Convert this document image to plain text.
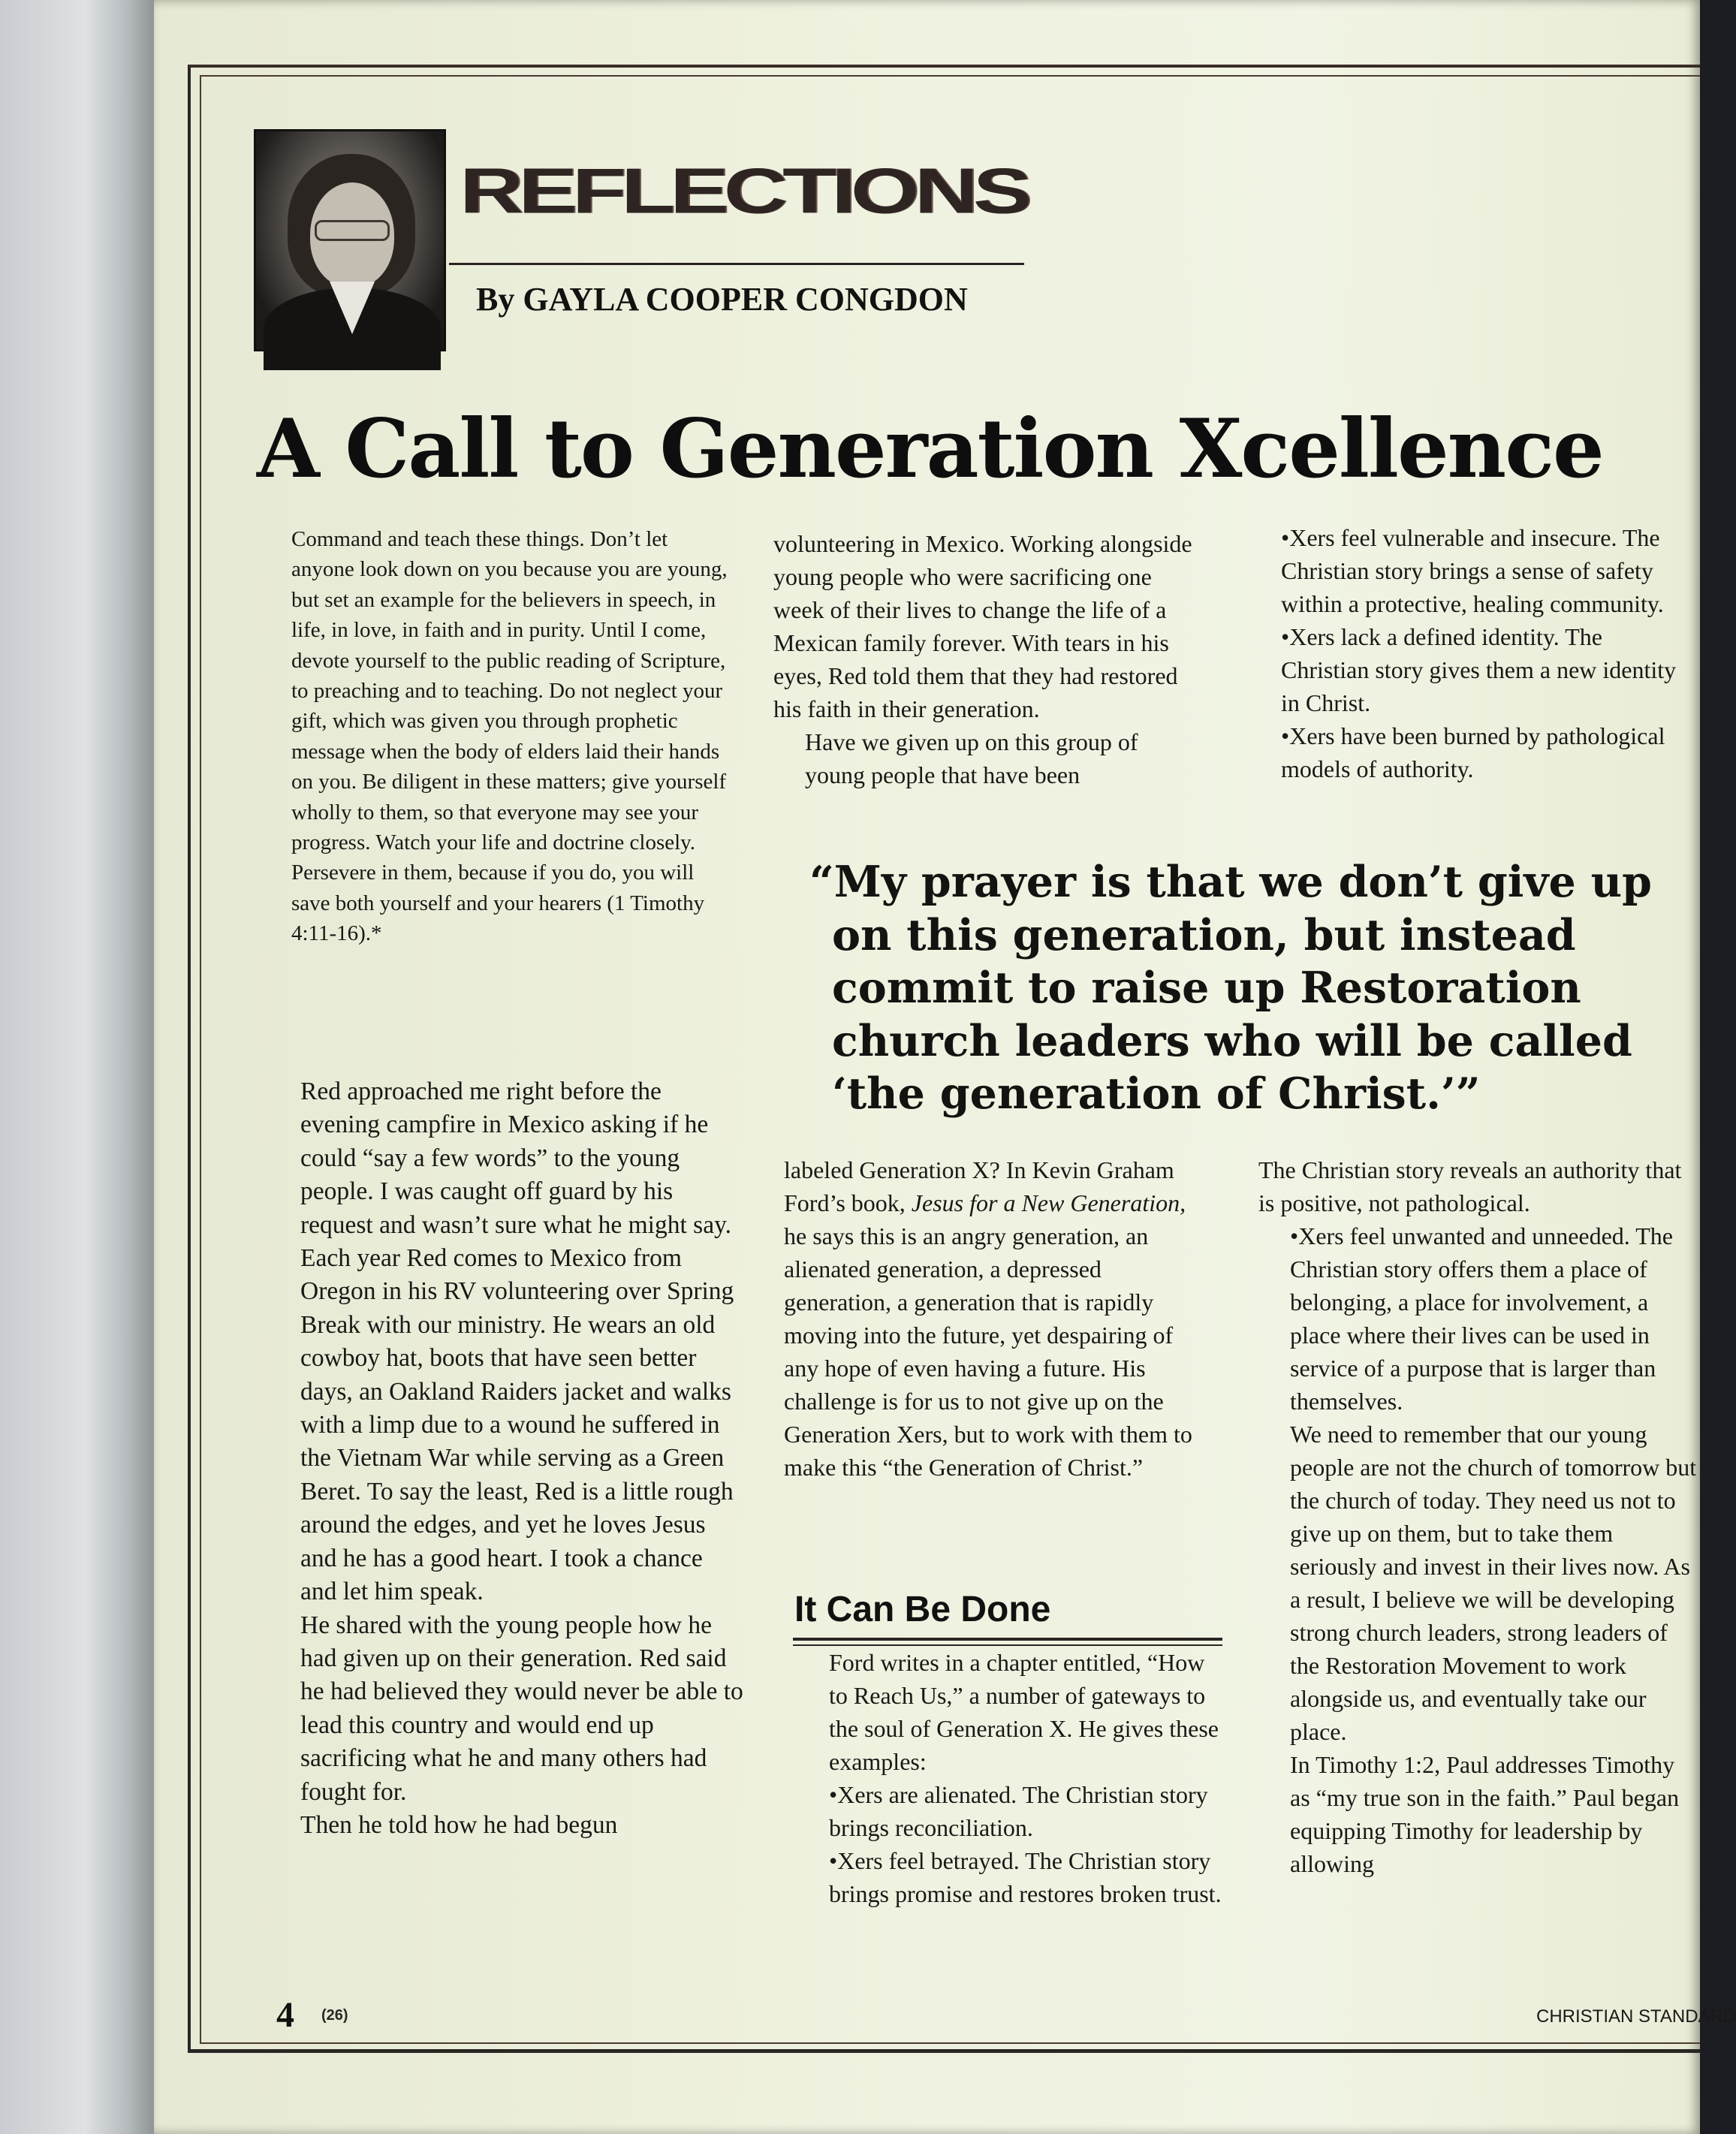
REFLECTIONS
By GAYLA COOPER CONGDON
A Call to Generation Xcellence

Command and teach these things. Don’t let anyone look down on you because you are young, but set an example for the believers in speech, in life, in love, in faith and in purity. Until I come, devote yourself to the public reading of Scripture, to preaching and to teaching. Do not neglect your gift, which was given you through prophetic message when the body of elders laid their hands on you. Be diligent in these matters; give yourself wholly to them, so that everyone may see your progress. Watch your life and doctrine closely. Persevere in them, because if you do, you will save both yourself and your hearers (1 Timothy 4:11-16).*

Red approached me right before the evening campfire in Mexico asking if he could “say a few words” to the young people. I was caught off guard by his request and wasn’t sure what he might say.

Each year Red comes to Mexico from Oregon in his RV volunteering over Spring Break with our ministry. He wears an old cowboy hat, boots that have seen better days, an Oakland Raiders jacket and walks with a limp due to a wound he suffered in the Vietnam War while serving as a Green Beret. To say the least, Red is a little rough around the edges, and yet he loves Jesus and he has a good heart. I took a chance and let him speak.

He shared with the young people how he had given up on their generation. Red said he had believed they would never be able to lead this country and would end up sacrificing what he and many others had fought for.

Then he told how he had begun

volunteering in Mexico. Working alongside young people who were sacrificing one week of their lives to change the life of a Mexican family forever. With tears in his eyes, Red told them that they had restored his faith in their generation.

Have we given up on this group of young people that have been

•Xers feel vulnerable and insecure. The Christian story brings a sense of safety within a protective, healing community.

•Xers lack a defined identity. The Christian story gives them a new identity in Christ.

•Xers have been burned by pathological models of authority.

“My prayer is that we don’t give up on this generation, but instead commit to raise up Restoration church leaders who will be called ‘the generation of Christ.’”

labeled Generation X? In Kevin Graham Ford’s book, Jesus for a New Generation, he says this is an angry generation, an alienated generation, a depressed generation, a generation that is rapidly moving into the future, yet despairing of any hope of even having a future. His challenge is for us to not give up on the Generation Xers, but to work with them to make this “the Generation of Christ.”

It Can Be Done

Ford writes in a chapter entitled, “How to Reach Us,” a number of gateways to the soul of Generation X. He gives these examples:

•Xers are alienated. The Christian story brings reconciliation.

•Xers feel betrayed. The Christian story brings promise and restores broken trust.

The Christian story reveals an authority that is positive, not pathological.

•Xers feel unwanted and unneeded. The Christian story offers them a place of belonging, a place for involvement, a place where their lives can be used in service of a purpose that is larger than themselves.

We need to remember that our young people are not the church of tomorrow but the church of today. They need us not to give up on them, but to take them seriously and invest in their lives now. As a result, I believe we will be developing strong church leaders, strong leaders of the Restoration Movement to work alongside us, and eventually take our place.

In Timothy 1:2, Paul addresses Timothy as “my true son in the faith.” Paul began equipping Timothy for leadership by allowing

4 (26)	CHRISTIAN STANDARD
